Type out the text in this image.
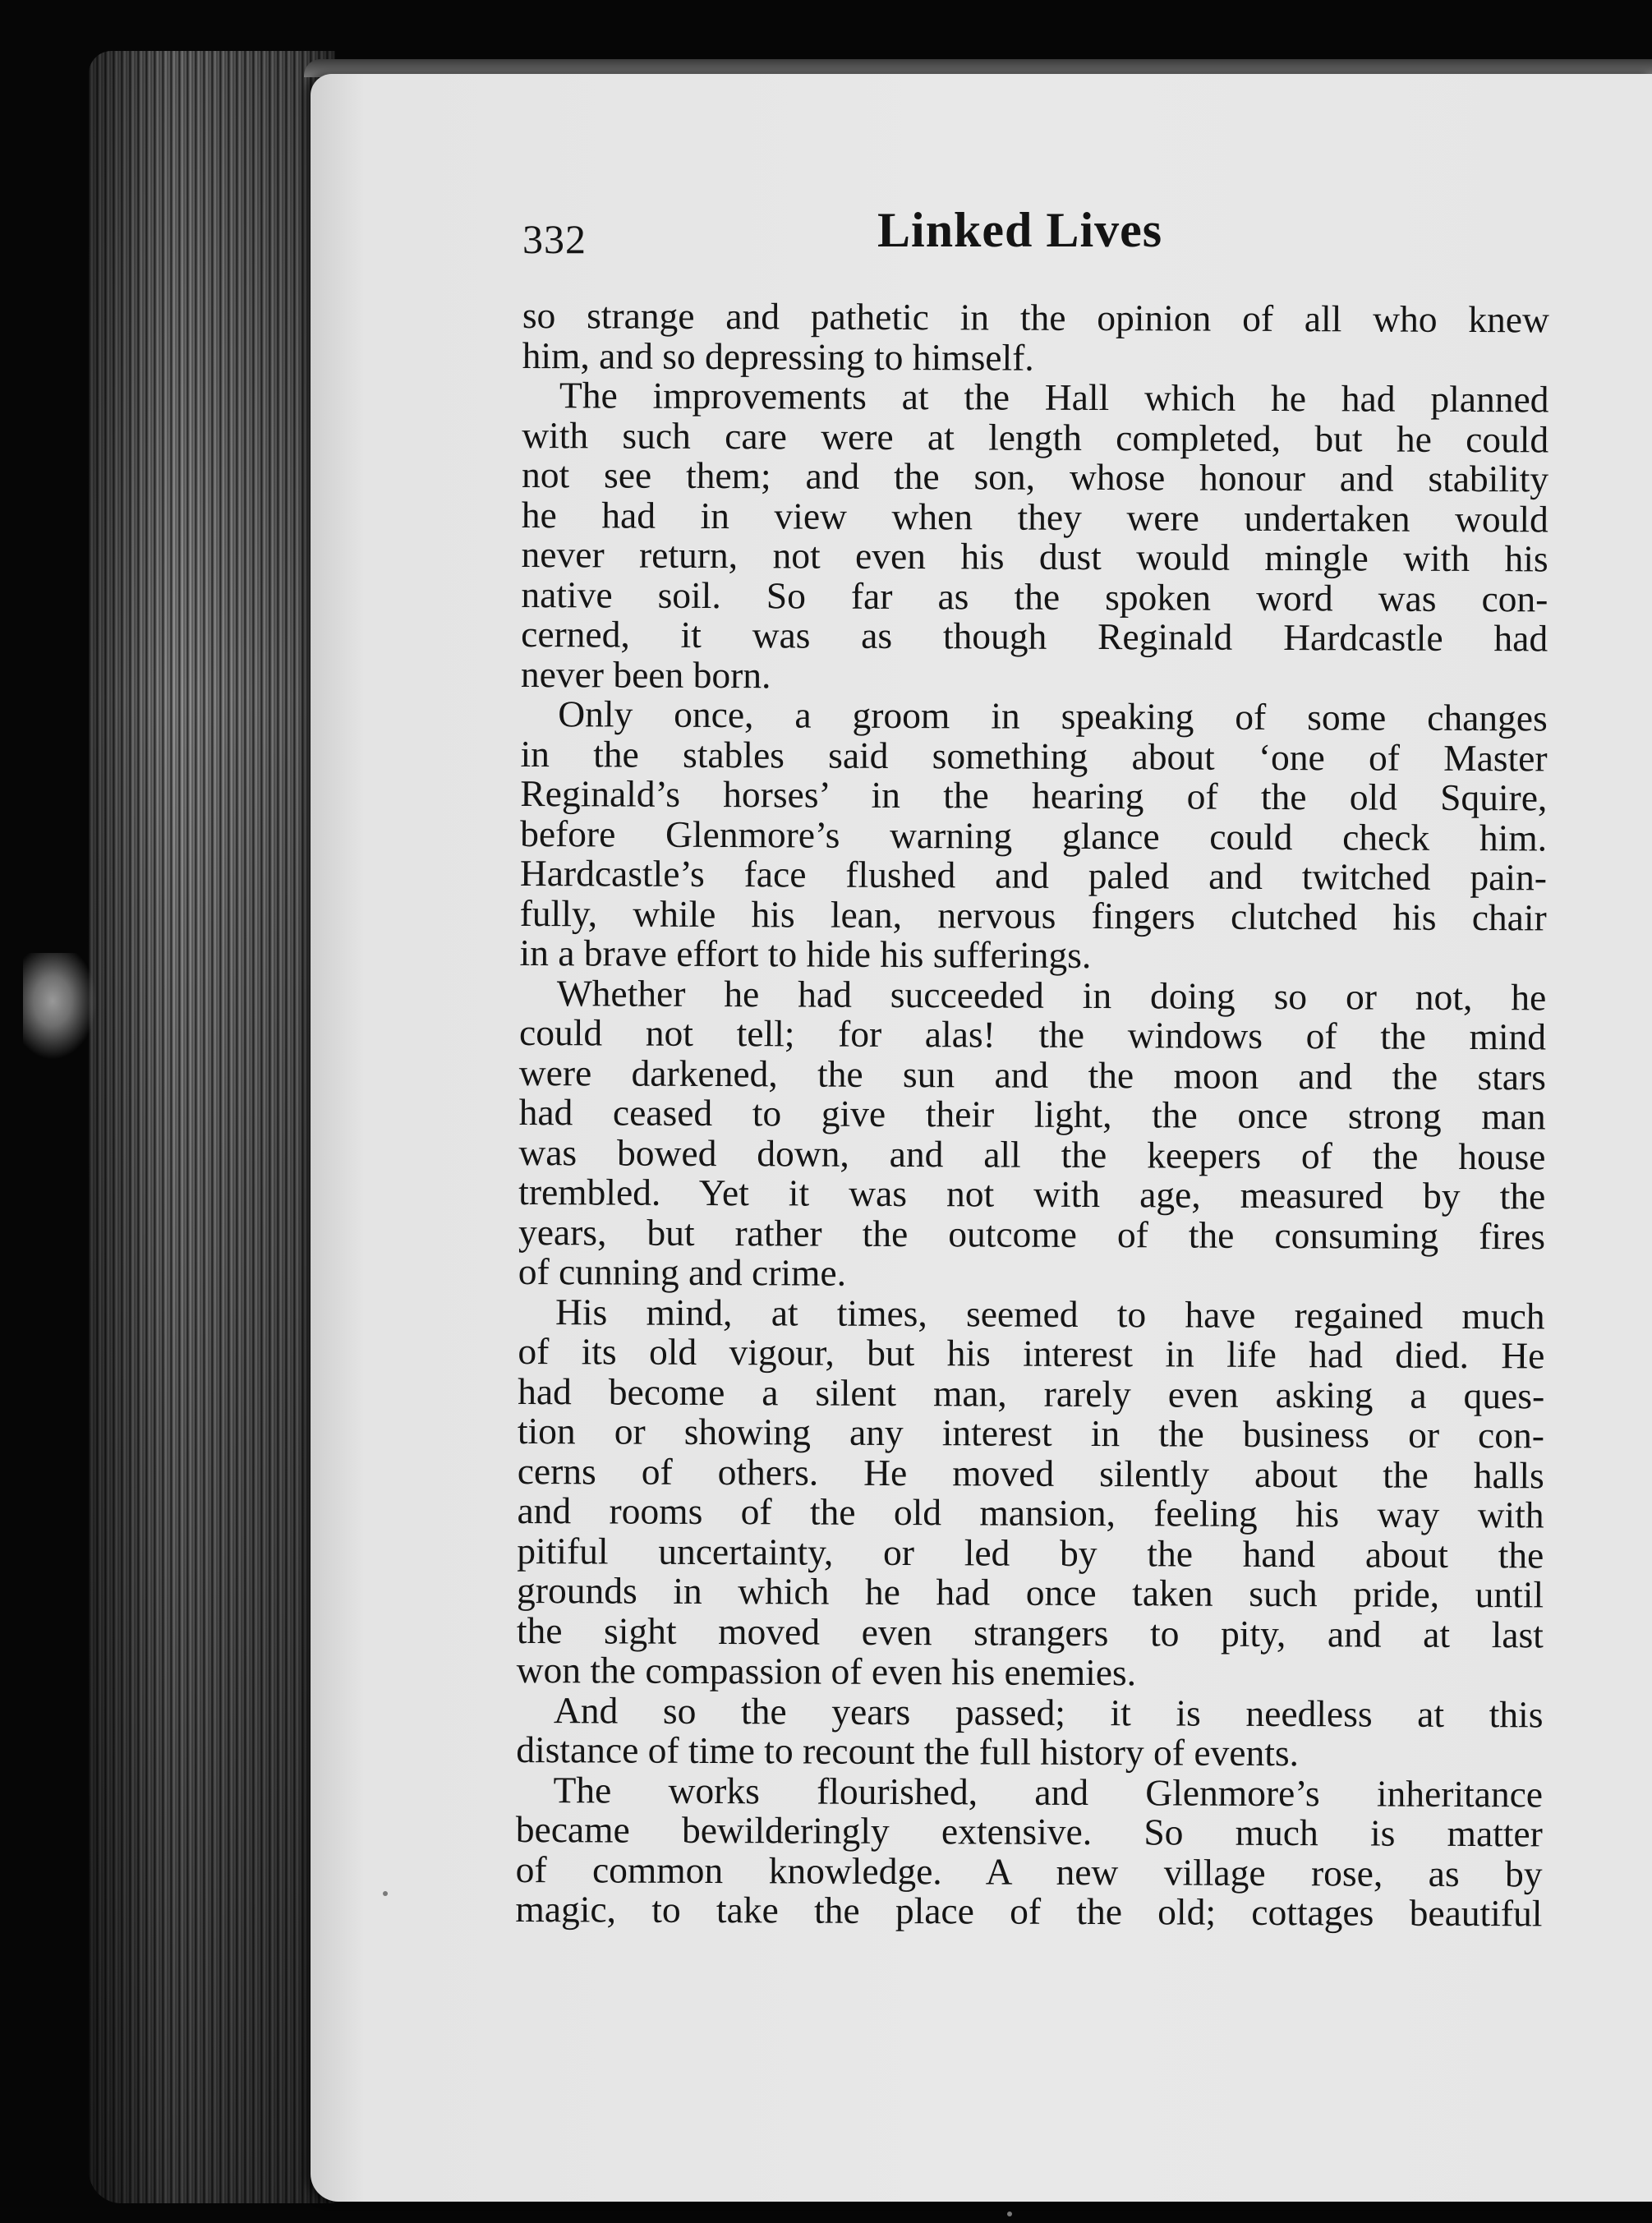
332	Linked Lives
so strange and pathetic in the opinion of all who knew
him, and so depressing to himself.
 The improvements at the Hall which he had planned
with such care were at length completed, but he could
not see them; and the son, whose honour and stability
he had in view when they were undertaken would
never return, not even his dust would mingle with his
native soil. So far as the spoken word was con-
cerned, it was as though Reginald Hardcastle had
never been born.
 Only once, a groom in speaking of some changes
in the stables said something about ‘one of Master
Reginald’s horses’ in the hearing of the old Squire,
before Glenmore’s warning glance could check him.
Hardcastle’s face flushed and paled and twitched pain-
fully, while his lean, nervous fingers clutched his chair
in a brave effort to hide his sufferings.
 Whether he had succeeded in doing so or not, he
could not tell; for alas! the windows of the mind
were darkened, the sun and the moon and the stars
had ceased to give their light, the once strong man
was bowed down, and all the keepers of the house
trembled. Yet it was not with age, measured by the
years, but rather the outcome of the consuming fires
of cunning and crime.
 His mind, at times, seemed to have regained much
of its old vigour, but his interest in life had died. He
had become a silent man, rarely even asking a ques-
tion or showing any interest in the business or con-
cerns of others. He moved silently about the halls
and rooms of the old mansion, feeling his way with
pitiful uncertainty, or led by the hand about the
grounds in which he had once taken such pride, until
the sight moved even strangers to pity, and at last
won the compassion of even his enemies.
 And so the years passed; it is needless at this
distance of time to recount the full history of events.
 The works flourished, and Glenmore’s inheritance
became bewilderingly extensive. So much is matter
of common knowledge. A new village rose, as by
magic, to take the place of the old; cottages beautiful
